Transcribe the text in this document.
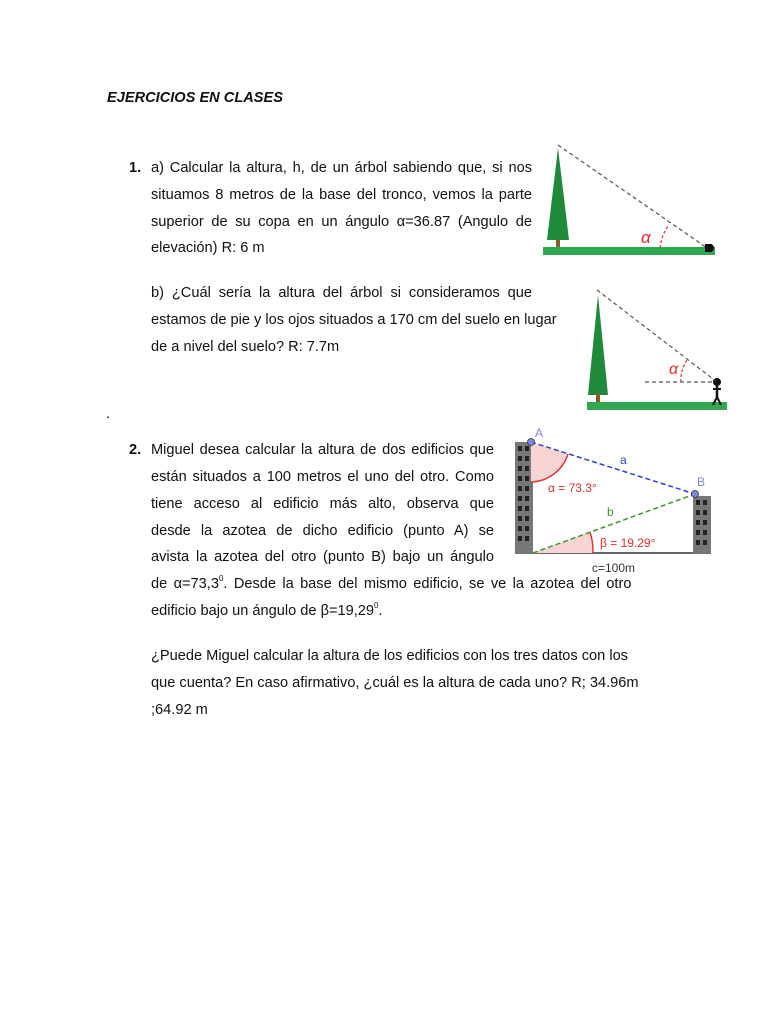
EJERCICIOS EN CLASES

1. a) Calcular la altura, h, de un árbol sabiendo que, si nos
situamos 8 metros de la base del tronco, vemos la parte
superior de su copa en un ángulo α=36.87 (Angulo de
elevación) R: 6 m
b) ¿Cuál sería la altura del árbol si consideramos que
estamos de pie y los ojos situados a 170 cm del suelo en lugar
de a nivel del suelo? R: 7.7m
α
α
.
2. Miguel desea calcular la altura de dos edificios que
están situados a 100 metros el uno del otro. Como
tiene acceso al edificio más alto, observa que
desde la azotea de dicho edificio (punto A) se
avista la azotea del otro (punto B) bajo un ángulo
de $\alpha=73,3^0$. Desde la base del mismo edificio, se ve la azotea del otro
edificio bajo un ángulo de $\beta=19,29^0$.
¿Puede Miguel calcular la altura de los edificios con los tres datos con los
que cuenta? En caso afirmativo, ¿cuál es la altura de cada uno? R; 34.96m
;64.92 m
A
B
a
b
α = 73.3°
β = 19.29°
c=100m
